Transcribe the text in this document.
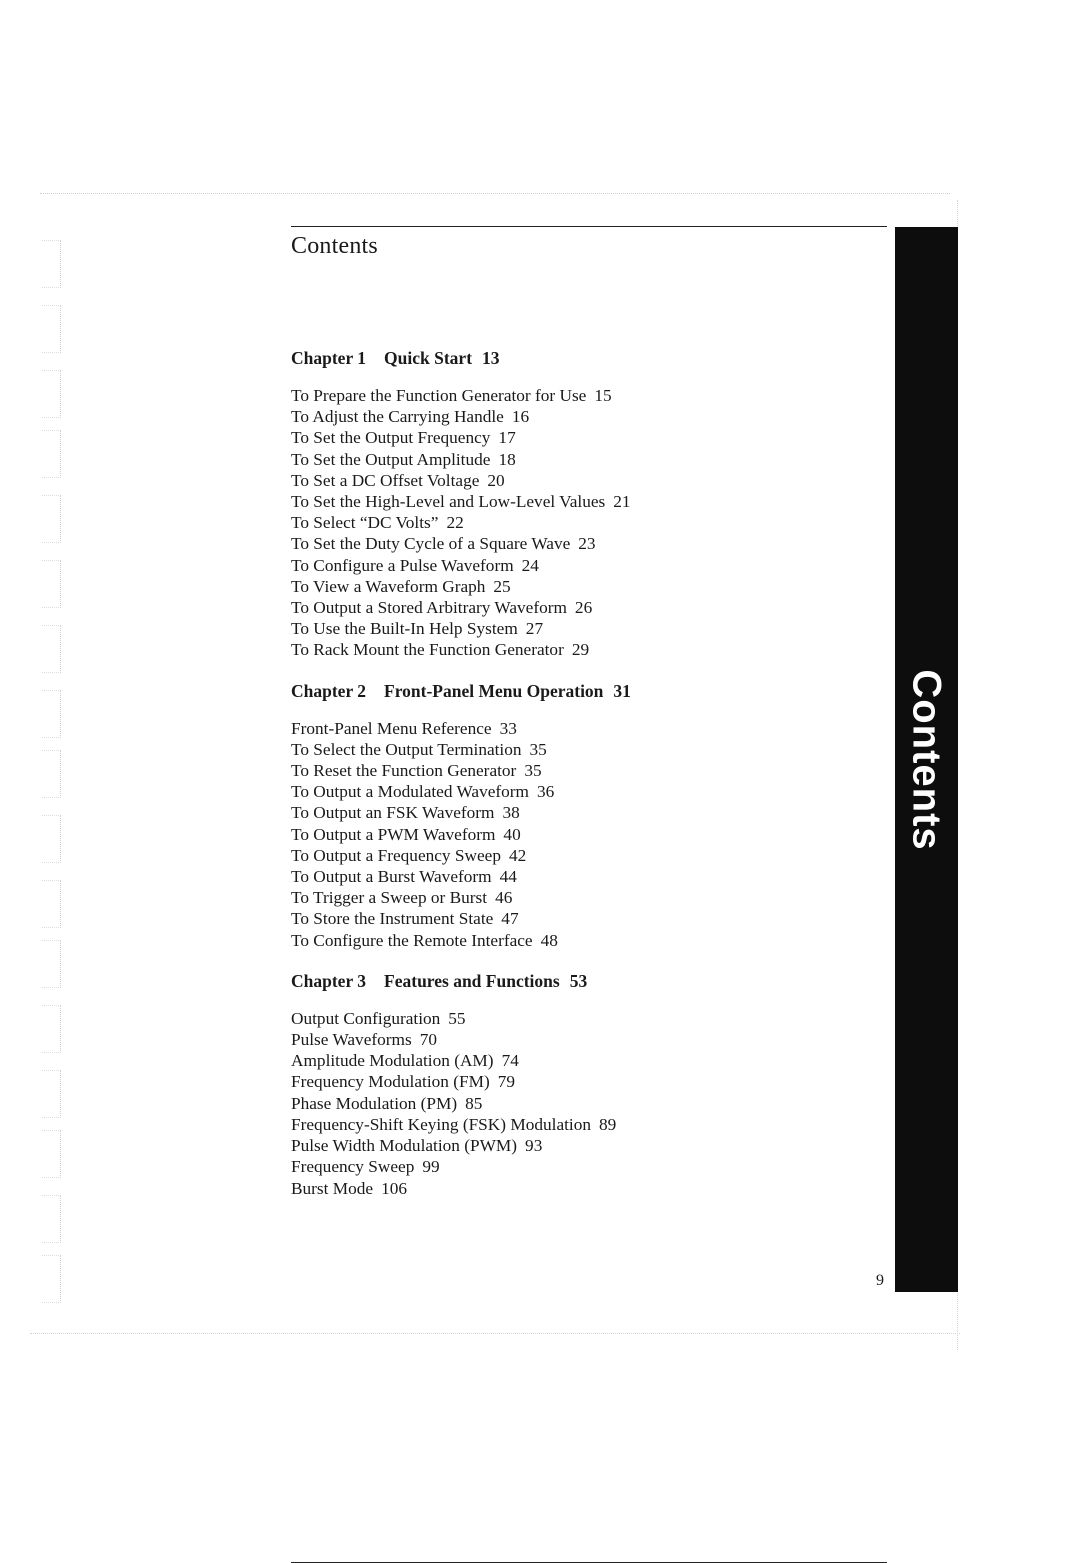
Contents
Contents
Chapter 1 Quick Start 13
To Prepare the Function Generator for Use 15
To Adjust the Carrying Handle 16
To Set the Output Frequency 17
To Set the Output Amplitude 18
To Set a DC Offset Voltage 20
To Set the High-Level and Low-Level Values 21
To Select “DC Volts” 22
To Set the Duty Cycle of a Square Wave 23
To Configure a Pulse Waveform 24
To View a Waveform Graph 25
To Output a Stored Arbitrary Waveform 26
To Use the Built-In Help System 27
To Rack Mount the Function Generator 29
Chapter 2 Front-Panel Menu Operation 31
Front-Panel Menu Reference 33
To Select the Output Termination 35
To Reset the Function Generator 35
To Output a Modulated Waveform 36
To Output an FSK Waveform 38
To Output a PWM Waveform 40
To Output a Frequency Sweep 42
To Output a Burst Waveform 44
To Trigger a Sweep or Burst 46
To Store the Instrument State 47
To Configure the Remote Interface 48
Chapter 3 Features and Functions 53
Output Configuration 55
Pulse Waveforms 70
Amplitude Modulation (AM) 74
Frequency Modulation (FM) 79
Phase Modulation (PM) 85
Frequency-Shift Keying (FSK) Modulation 89
Pulse Width Modulation (PWM) 93
Frequency Sweep 99
Burst Mode 106
9
